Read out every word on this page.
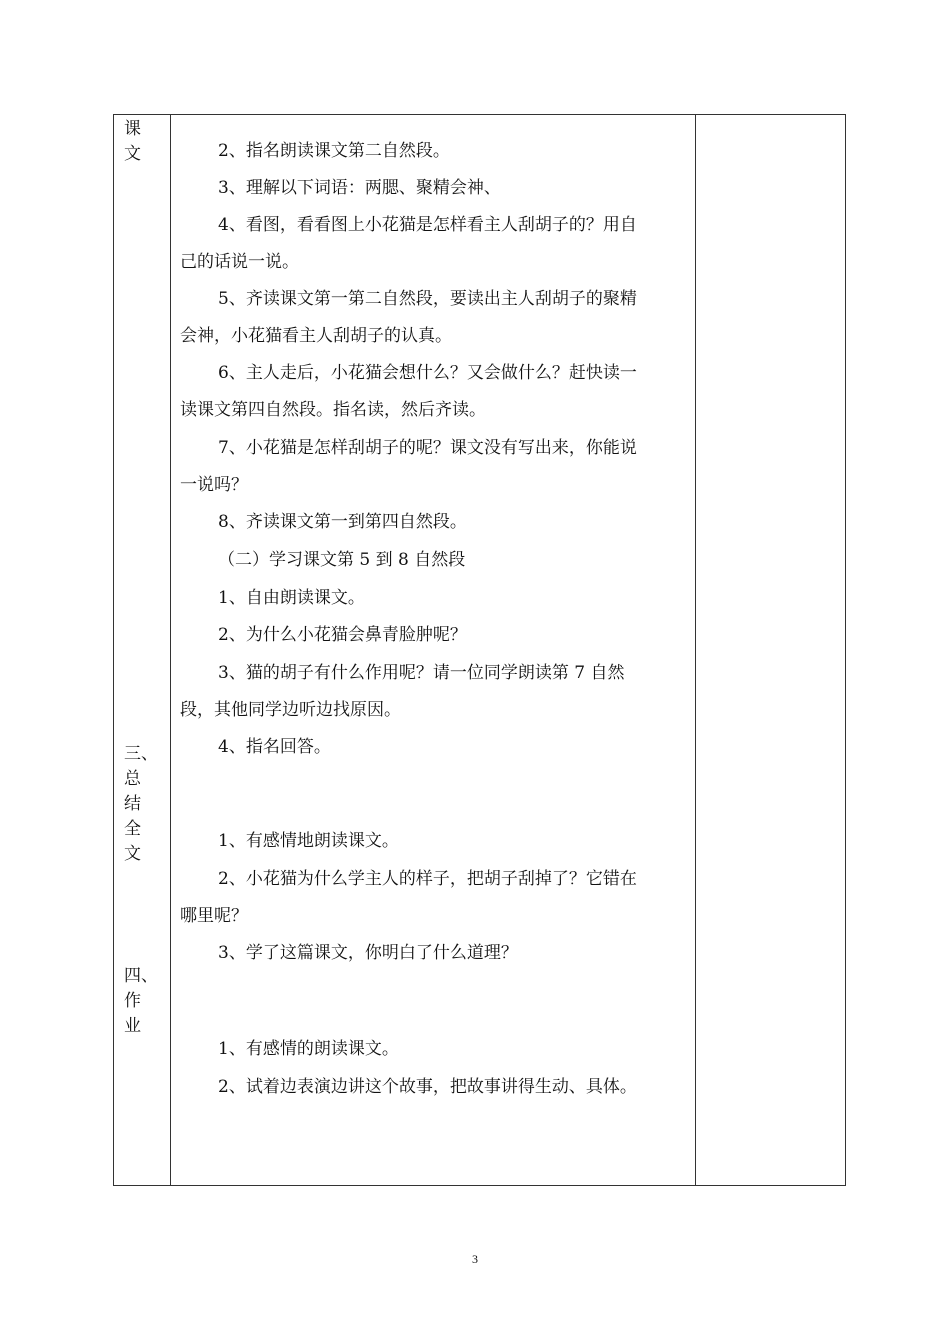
课
文
三、
总
结
全
文
四、
作
业
2、指名朗读课文第二自然段。
3、理解以下词语：两腮、聚精会神、
4、看图，看看图上小花猫是怎样看主人刮胡子的？用自
己的话说一说。
5、齐读课文第一第二自然段，要读出主人刮胡子的聚精
会神，小花猫看主人刮胡子的认真。
6、主人走后，小花猫会想什么？又会做什么？赶快读一
读课文第四自然段。指名读，然后齐读。
7、小花猫是怎样刮胡子的呢？课文没有写出来，你能说
一说吗？
8、齐读课文第一到第四自然段。
（二）学习课文第 5 到 8 自然段
1、自由朗读课文。
2、为什么小花猫会鼻青脸肿呢？
3、猫的胡子有什么作用呢？请一位同学朗读第 7 自然
段，其他同学边听边找原因。
4、指名回答。
1、有感情地朗读课文。
2、小花猫为什么学主人的样子，把胡子刮掉了？它错在
哪里呢？
3、学了这篇课文，你明白了什么道理？
1、有感情的朗读课文。
2、试着边表演边讲这个故事，把故事讲得生动、具体。
3
